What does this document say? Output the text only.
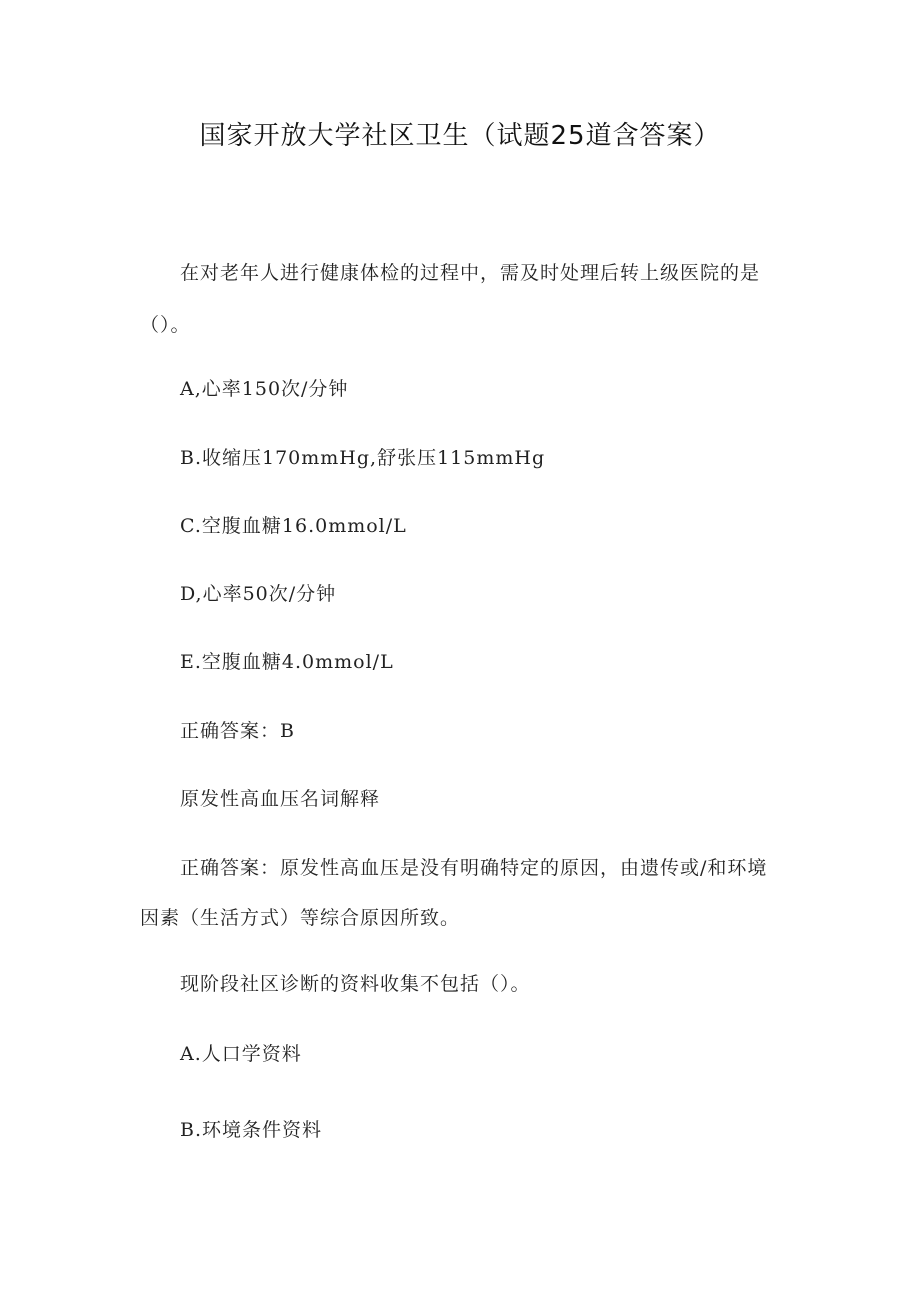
国家开放大学社区卫生（试题25道含答案）
在对老年人进行健康体检的过程中，需及时处理后转上级医院的是
（）。
A,心率150次/分钟
B.收缩压170mmHg,舒张压115mmHg
C.空腹血糖16.0mmol/L
D,心率50次/分钟
E.空腹血糖4.0mmol/L
正确答案：B
原发性高血压名词解释
正确答案：原发性高血压是没有明确特定的原因，由遗传或/和环境
因素（生活方式）等综合原因所致。
现阶段社区诊断的资料收集不包括（）。
A.人口学资料
B.环境条件资料
